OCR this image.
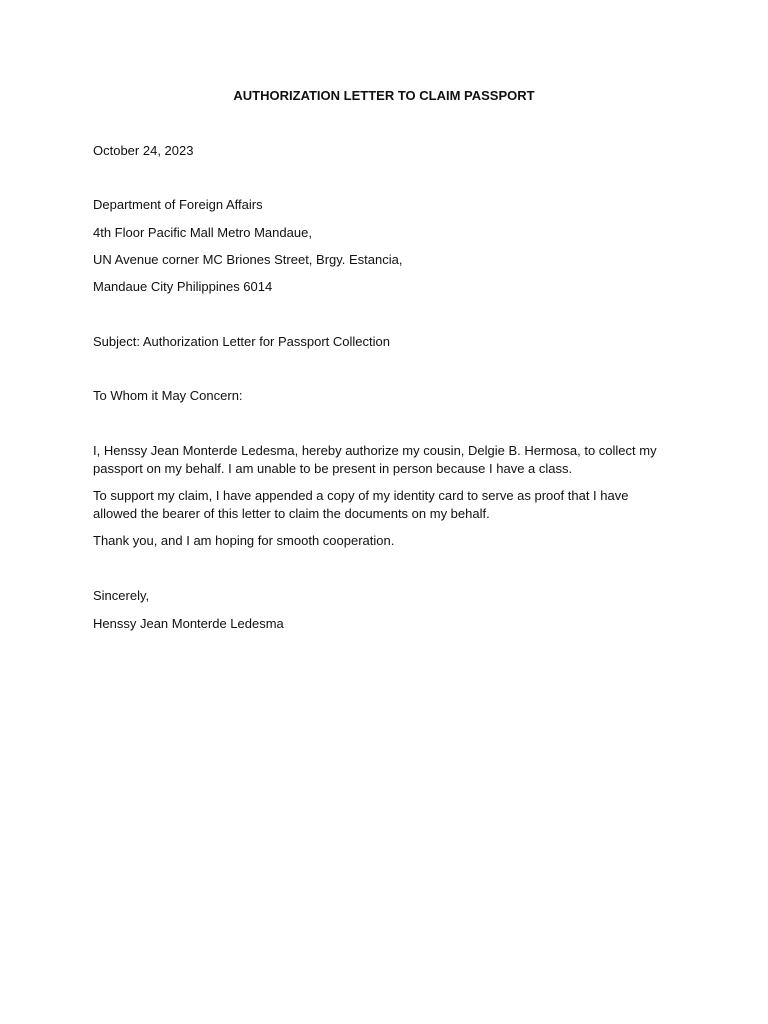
AUTHORIZATION LETTER TO CLAIM PASSPORT
October 24, 2023
Department of Foreign Affairs
4th Floor Pacific Mall Metro Mandaue,
UN Avenue corner MC Briones Street, Brgy. Estancia,
Mandaue City Philippines 6014
Subject: Authorization Letter for Passport Collection
To Whom it May Concern:
I, Henssy Jean Monterde Ledesma, hereby authorize my cousin, Delgie B. Hermosa, to collect my
passport on my behalf. I am unable to be present in person because I have a class.
To support my claim, I have appended a copy of my identity card to serve as proof that I have
allowed the bearer of this letter to claim the documents on my behalf.
Thank you, and I am hoping for smooth cooperation.
Sincerely,
Henssy Jean Monterde Ledesma
